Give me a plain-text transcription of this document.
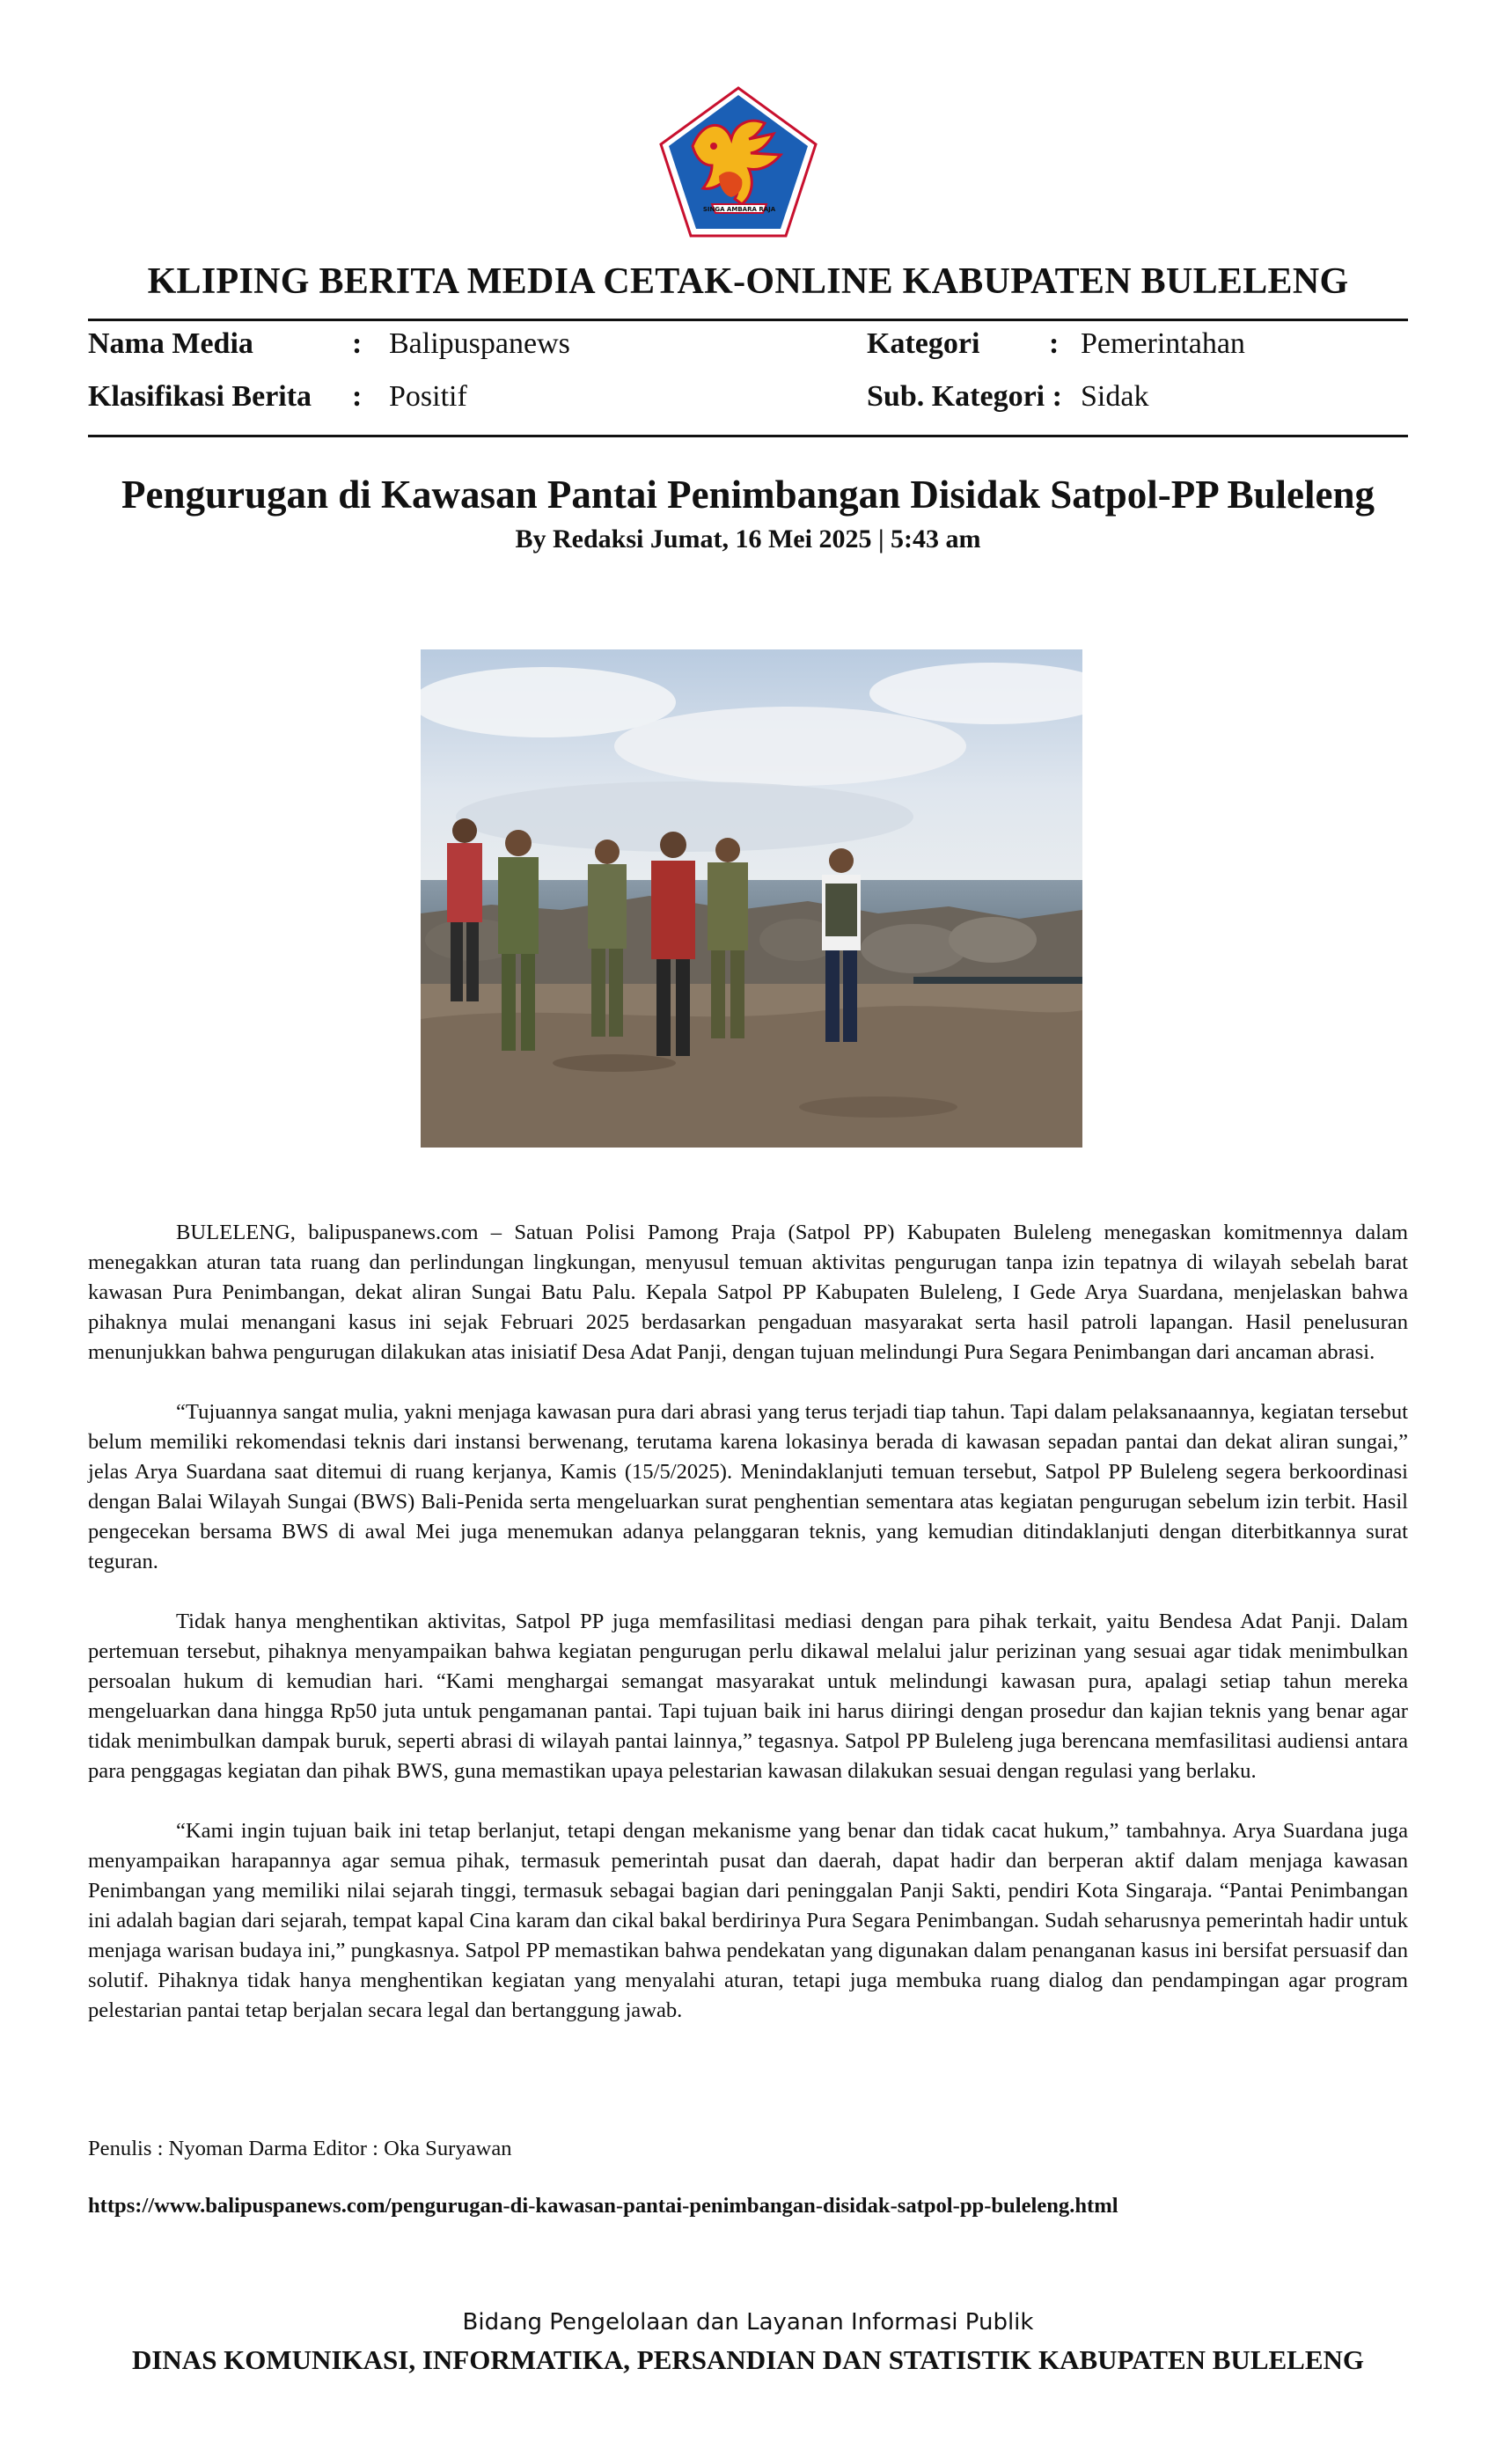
SINGA AMBARA RAJA
KLIPING BERITA MEDIA CETAK-ONLINE KABUPATEN BULELENG
Nama Media	: Balipuspanews	Kategori : Pemerintahan
Klasifikasi Berita : Positif	Sub. Kategori : Sidak
Pengurugan di Kawasan Pantai Penimbangan Disidak Satpol-PP Buleleng
By Redaksi Jumat, 16 Mei 2025 | 5:43 am

BULELENG, balipuspanews.com – Satuan Polisi Pamong Praja (Satpol PP) Kabupaten Buleleng menegaskan komitmennya dalam menegakkan aturan tata ruang dan perlindungan lingkungan, menyusul temuan aktivitas pengurugan tanpa izin tepatnya di wilayah sebelah barat kawasan Pura Penimbangan, dekat aliran Sungai Batu Palu. Kepala Satpol PP Kabupaten Buleleng, I Gede Arya Suardana, menjelaskan bahwa pihaknya mulai menangani kasus ini sejak Februari 2025 berdasarkan pengaduan masyarakat serta hasil patroli lapangan. Hasil penelusuran menunjukkan bahwa pengurugan dilakukan atas inisiatif Desa Adat Panji, dengan tujuan melindungi Pura Segara Penimbangan dari ancaman abrasi.

“Tujuannya sangat mulia, yakni menjaga kawasan pura dari abrasi yang terus terjadi tiap tahun. Tapi dalam pelaksanaannya, kegiatan tersebut belum memiliki rekomendasi teknis dari instansi berwenang, terutama karena lokasinya berada di kawasan sepadan pantai dan dekat aliran sungai,” jelas Arya Suardana saat ditemui di ruang kerjanya, Kamis (15/5/2025). Menindaklanjuti temuan tersebut, Satpol PP Buleleng segera berkoordinasi dengan Balai Wilayah Sungai (BWS) Bali-Penida serta mengeluarkan surat penghentian sementara atas kegiatan pengurugan sebelum izin terbit. Hasil pengecekan bersama BWS di awal Mei juga menemukan adanya pelanggaran teknis, yang kemudian ditindaklanjuti dengan diterbitkannya surat teguran.

Tidak hanya menghentikan aktivitas, Satpol PP juga memfasilitasi mediasi dengan para pihak terkait, yaitu Bendesa Adat Panji. Dalam pertemuan tersebut, pihaknya menyampaikan bahwa kegiatan pengurugan perlu dikawal melalui jalur perizinan yang sesuai agar tidak menimbulkan persoalan hukum di kemudian hari. “Kami menghargai semangat masyarakat untuk melindungi kawasan pura, apalagi setiap tahun mereka mengeluarkan dana hingga Rp50 juta untuk pengamanan pantai. Tapi tujuan baik ini harus diiringi dengan prosedur dan kajian teknis yang benar agar tidak menimbulkan dampak buruk, seperti abrasi di wilayah pantai lainnya,” tegasnya. Satpol PP Buleleng juga berencana memfasilitasi audiensi antara para penggagas kegiatan dan pihak BWS, guna memastikan upaya pelestarian kawasan dilakukan sesuai dengan regulasi yang berlaku.

“Kami ingin tujuan baik ini tetap berlanjut, tetapi dengan mekanisme yang benar dan tidak cacat hukum,” tambahnya. Arya Suardana juga menyampaikan harapannya agar semua pihak, termasuk pemerintah pusat dan daerah, dapat hadir dan berperan aktif dalam menjaga kawasan Penimbangan yang memiliki nilai sejarah tinggi, termasuk sebagai bagian dari peninggalan Panji Sakti, pendiri Kota Singaraja. “Pantai Penimbangan ini adalah bagian dari sejarah, tempat kapal Cina karam dan cikal bakal berdirinya Pura Segara Penimbangan. Sudah seharusnya pemerintah hadir untuk menjaga warisan budaya ini,” pungkasnya. Satpol PP memastikan bahwa pendekatan yang digunakan dalam penanganan kasus ini bersifat persuasif dan solutif. Pihaknya tidak hanya menghentikan kegiatan yang menyalahi aturan, tetapi juga membuka ruang dialog dan pendampingan agar program pelestarian pantai tetap berjalan secara legal dan bertanggung jawab.

Penulis : Nyoman Darma Editor : Oka Suryawan
https://www.balipuspanews.com/pengurugan-di-kawasan-pantai-penimbangan-disidak-satpol-pp-buleleng.html
Bidang Pengelolaan dan Layanan Informasi Publik
DINAS KOMUNIKASI, INFORMATIKA, PERSANDIAN DAN STATISTIK KABUPATEN BULELENG
